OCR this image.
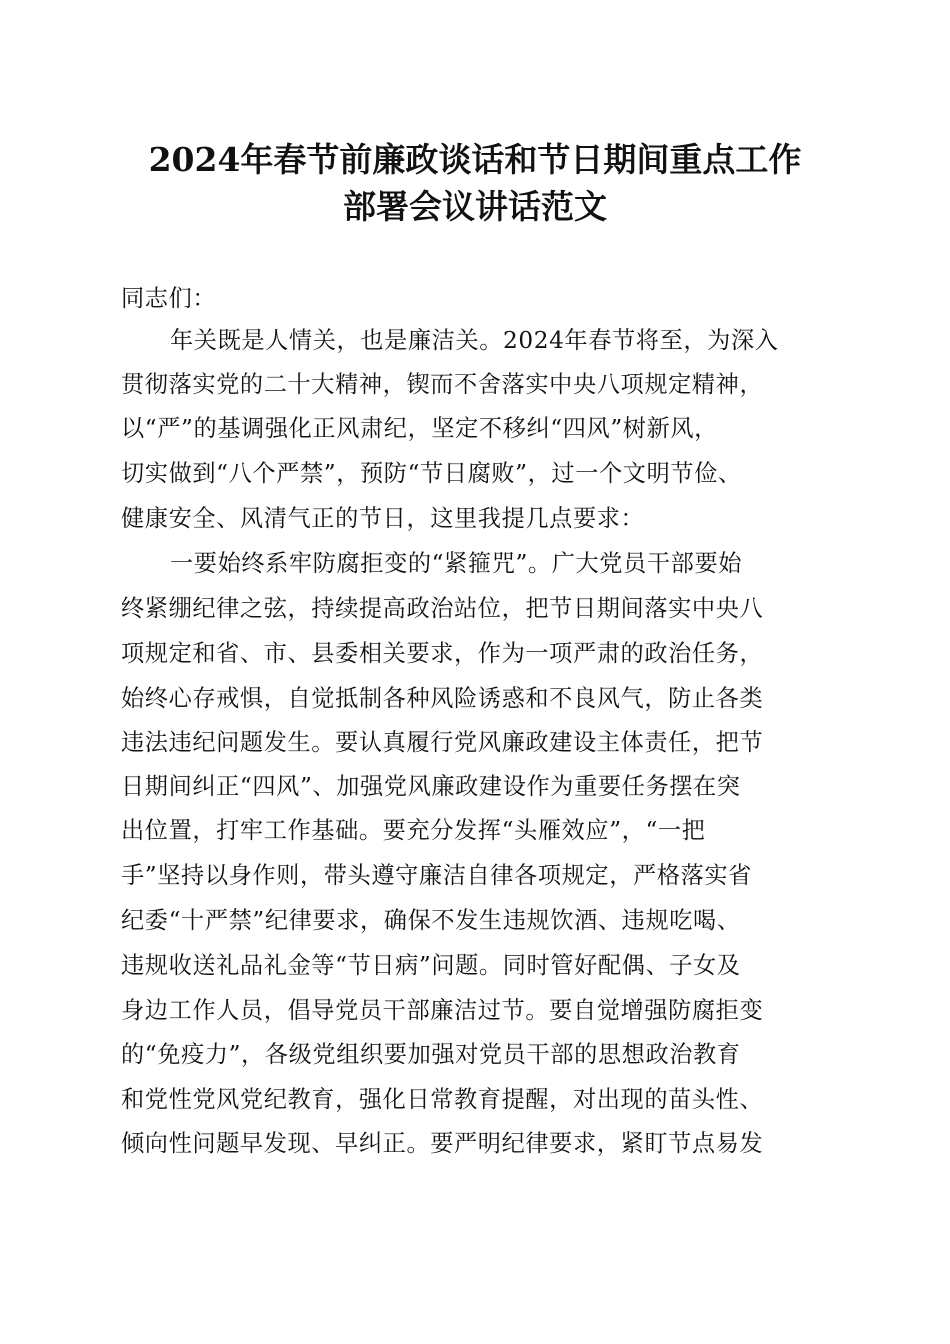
2024年春节前廉政谈话和节日期间重点工作
部署会议讲话范文
同志们：
年关既是人情关，也是廉洁关。2024年春节将至，为深入
贯彻落实党的二十大精神，锲而不舍落实中央八项规定精神，
以“严”的基调强化正风肃纪，坚定不移纠“四风”树新风，
切实做到“八个严禁”，预防“节日腐败”，过一个文明节俭、
健康安全、风清气正的节日，这里我提几点要求：
一要始终系牢防腐拒变的“紧箍咒”。广大党员干部要始
终紧绷纪律之弦，持续提高政治站位，把节日期间落实中央八
项规定和省、市、县委相关要求，作为一项严肃的政治任务，
始终心存戒惧，自觉抵制各种风险诱惑和不良风气，防止各类
违法违纪问题发生。要认真履行党风廉政建设主体责任，把节
日期间纠正“四风”、加强党风廉政建设作为重要任务摆在突
出位置，打牢工作基础。要充分发挥“头雁效应”，“一把
手”坚持以身作则，带头遵守廉洁自律各项规定，严格落实省
纪委“十严禁”纪律要求，确保不发生违规饮酒、违规吃喝、
违规收送礼品礼金等“节日病”问题。同时管好配偶、子女及
身边工作人员，倡导党员干部廉洁过节。要自觉增强防腐拒变
的“免疫力”，各级党组织要加强对党员干部的思想政治教育
和党性党风党纪教育，强化日常教育提醒，对出现的苗头性、
倾向性问题早发现、早纠正。要严明纪律要求，紧盯节点易发
